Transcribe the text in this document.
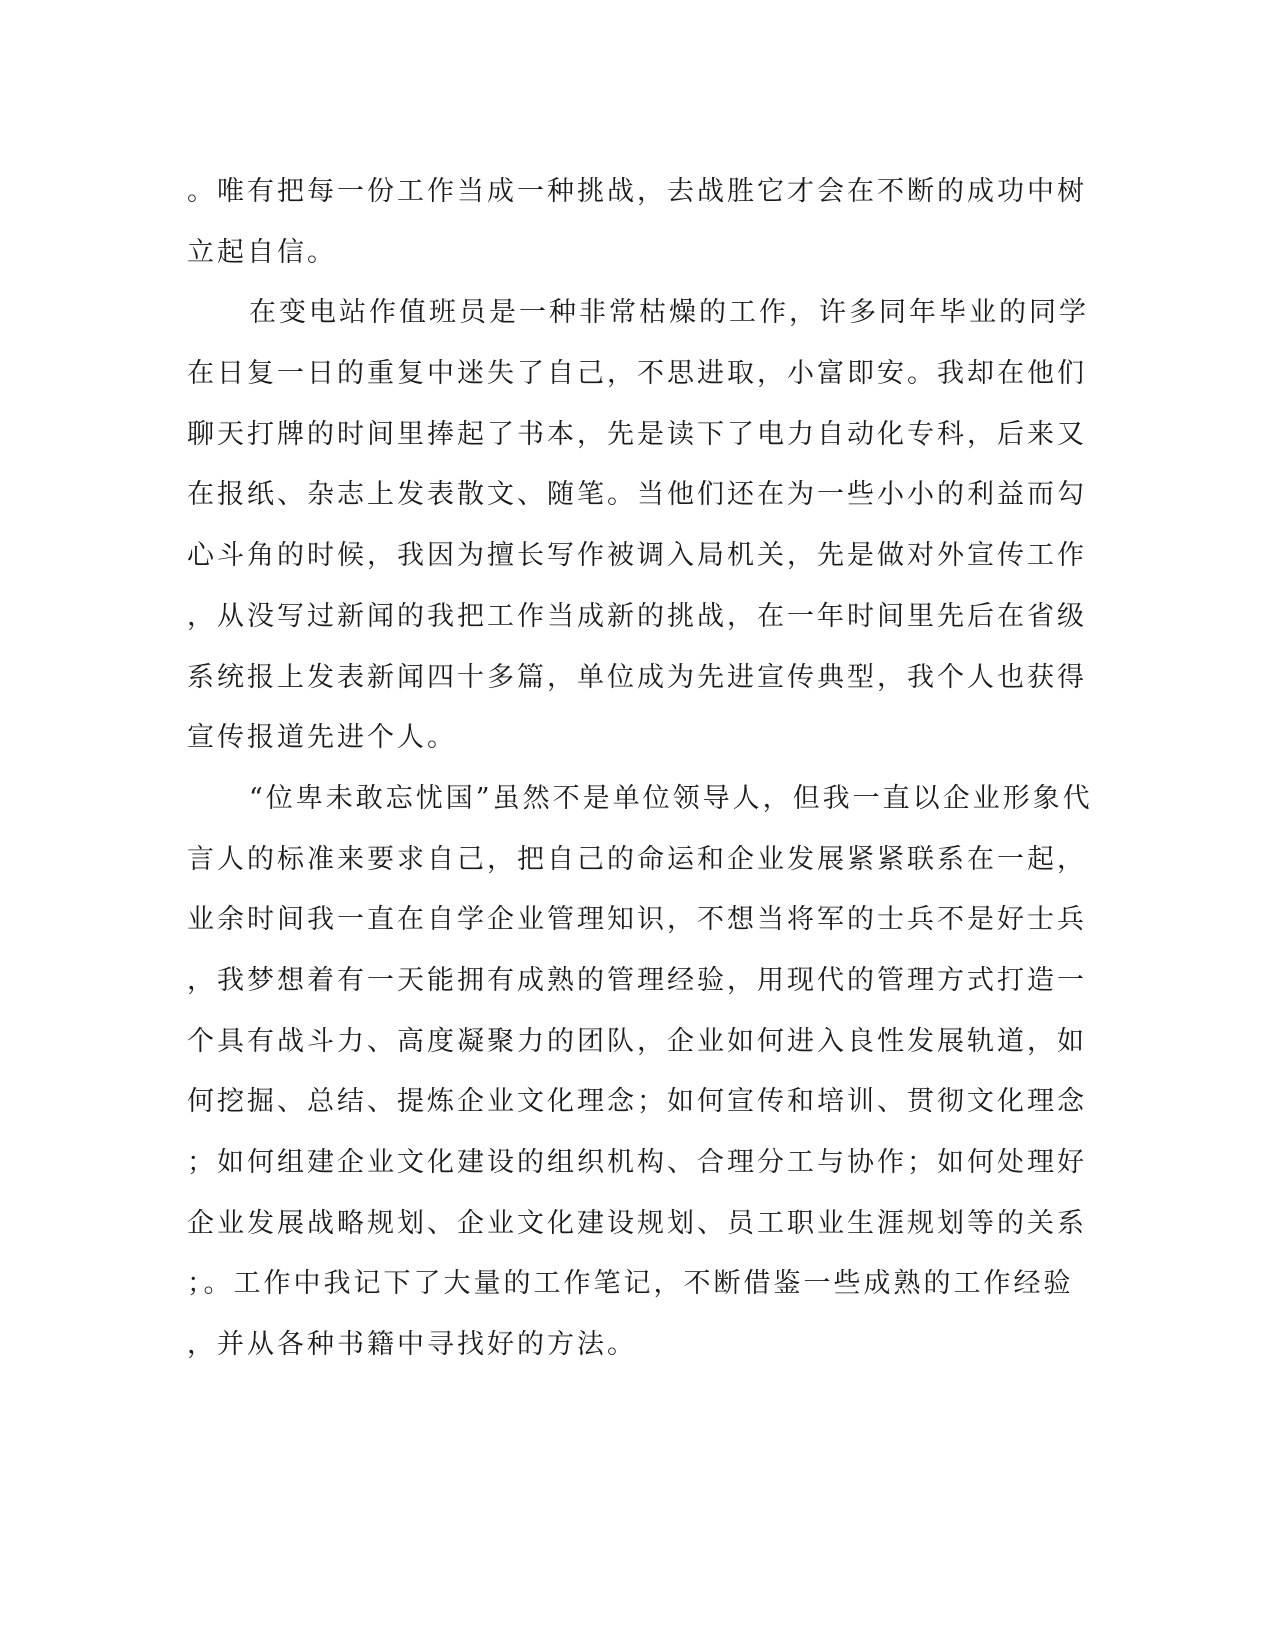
。唯有把每一份工作当成一种挑战，去战胜它才会在不断的成功中树
立起自信。
在变电站作值班员是一种非常枯燥的工作，许多同年毕业的同学
在日复一日的重复中迷失了自己，不思进取，小富即安。我却在他们
聊天打牌的时间里捧起了书本，先是读下了电力自动化专科，后来又
在报纸、杂志上发表散文、随笔。当他们还在为一些小小的利益而勾
心斗角的时候，我因为擅长写作被调入局机关，先是做对外宣传工作
，从没写过新闻的我把工作当成新的挑战，在一年时间里先后在省级
系统报上发表新闻四十多篇，单位成为先进宣传典型，我个人也获得
宣传报道先进个人。
“位卑未敢忘忧国”虽然不是单位领导人，但我一直以企业形象代
言人的标准来要求自己，把自己的命运和企业发展紧紧联系在一起，
业余时间我一直在自学企业管理知识，不想当将军的士兵不是好士兵
，我梦想着有一天能拥有成熟的管理经验，用现代的管理方式打造一
个具有战斗力、高度凝聚力的团队，企业如何进入良性发展轨道，如
何挖掘、总结、提炼企业文化理念；如何宣传和培训、贯彻文化理念
；如何组建企业文化建设的组织机构、合理分工与协作；如何处理好
企业发展战略规划、企业文化建设规划、员工职业生涯规划等的关系
；。工作中我记下了大量的工作笔记，不断借鉴一些成熟的工作经验
，并从各种书籍中寻找好的方法。
